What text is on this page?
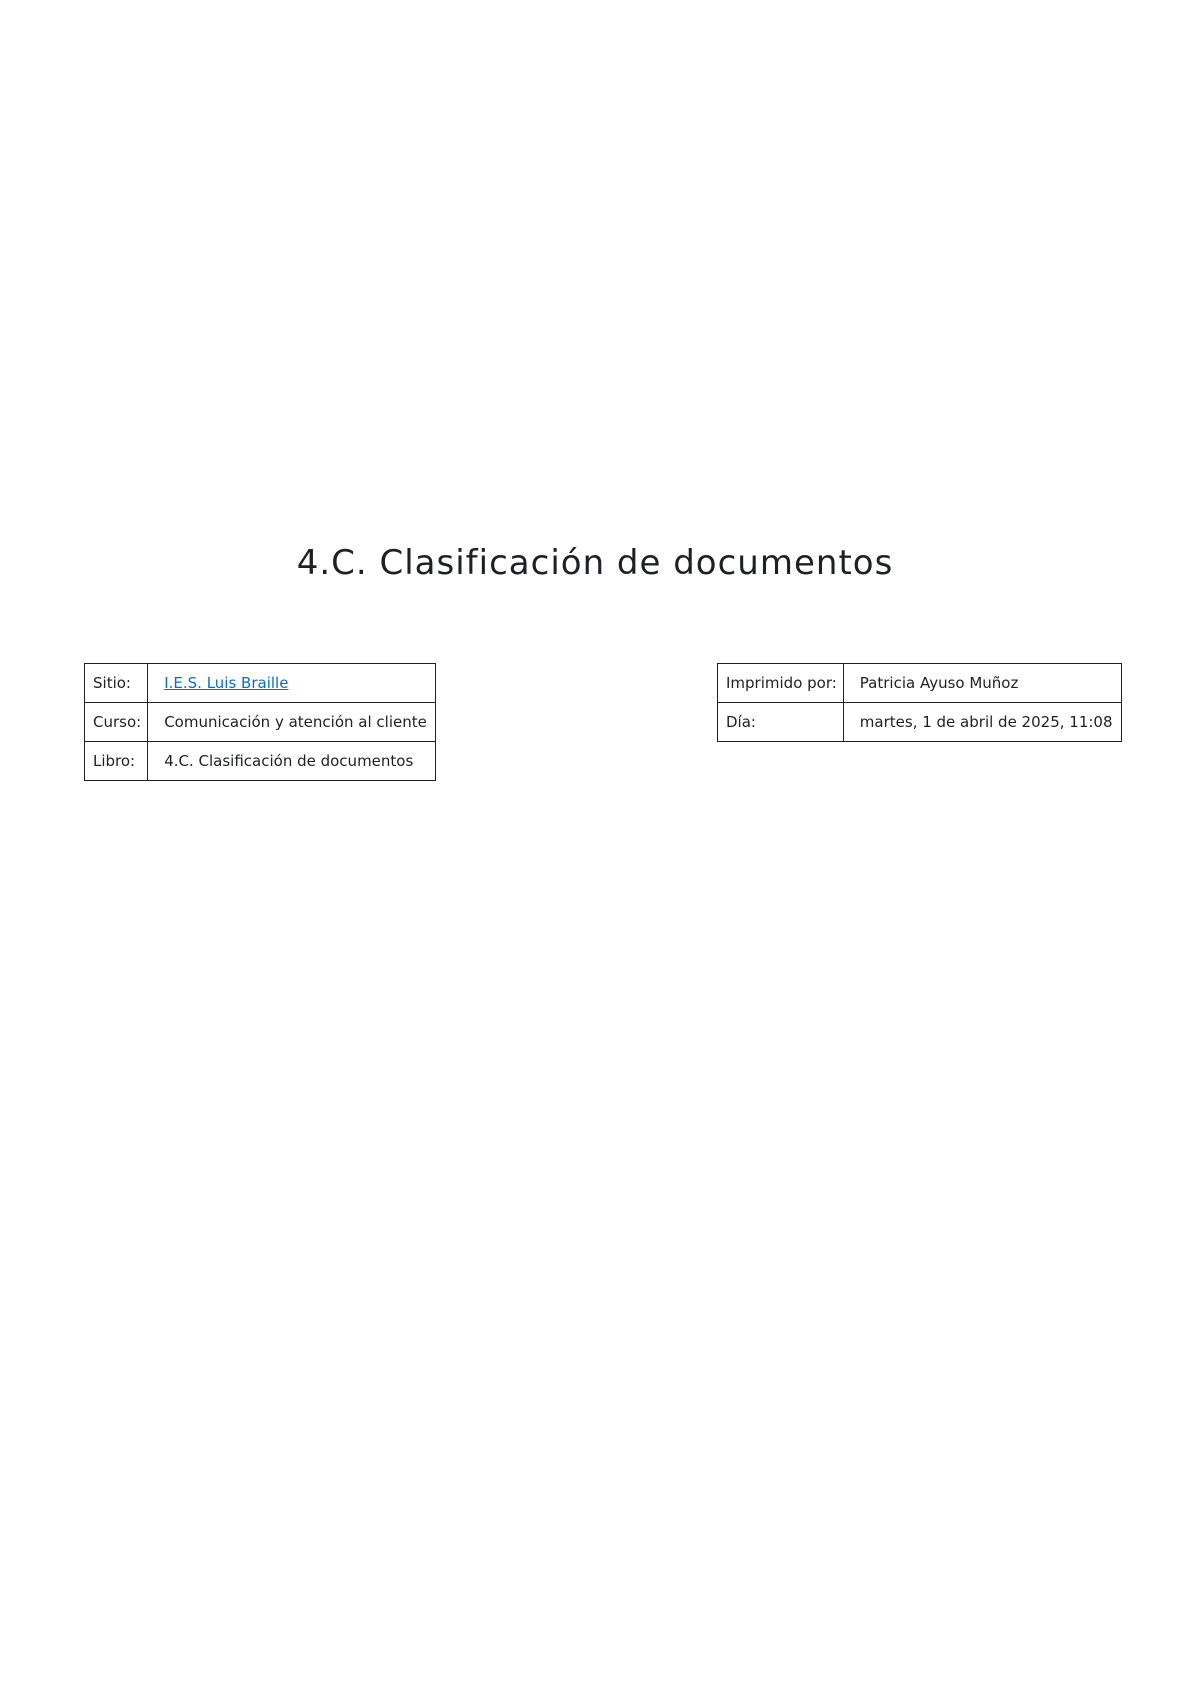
4.C. Clasificación de documentos
Sitio:	I.E.S. Luis Braille
Curso:	Comunicación y atención al cliente
Libro:	4.C. Clasificación de documentos
Imprimido por:	Patricia Ayuso Muñoz
Día:	martes, 1 de abril de 2025, 11:08
